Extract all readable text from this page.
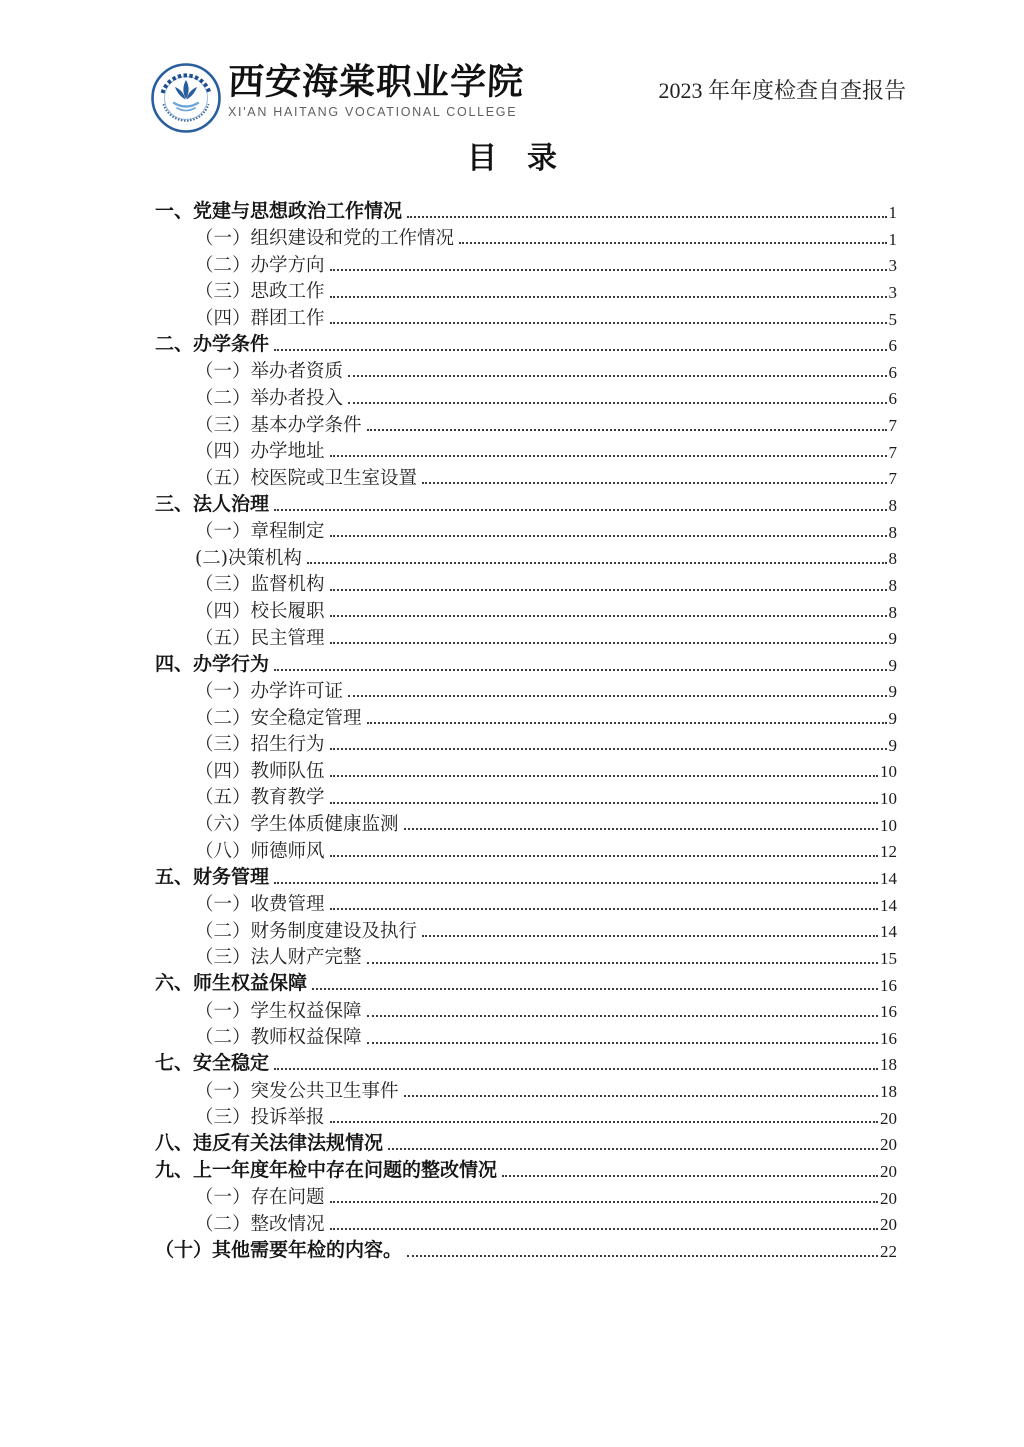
西安海棠职业学院
XI'AN HAITANG VOCATIONAL COLLEGE
2023 年年度检查自查报告
目　录
一、党建与思想政治工作情况	1
（一）组织建设和党的工作情况	1
（二）办学方向	3
（三）思政工作	3
（四）群团工作	5
二、办学条件	6
（一）举办者资质	6
（二）举办者投入	6
（三）基本办学条件	7
（四）办学地址	7
（五）校医院或卫生室设置	7
三、法人治理	8
（一）章程制定	8
(二)决策机构	8
（三）监督机构	8
（四）校长履职	8
（五）民主管理	9
四、办学行为	9
（一）办学许可证	9
（二）安全稳定管理	9
（三）招生行为	9
（四）教师队伍	10
（五）教育教学	10
（六）学生体质健康监测	10
（八）师德师风	12
五、财务管理	14
（一）收费管理	14
（二）财务制度建设及执行	14
（三）法人财产完整	15
六、师生权益保障	16
（一）学生权益保障	16
（二）教师权益保障	16
七、安全稳定	18
（一）突发公共卫生事件	18
（三）投诉举报	20
八、违反有关法律法规情况	20
九、上一年度年检中存在问题的整改情况	20
（一）存在问题	20
（二）整改情况	20
（十）其他需要年检的内容。	22
